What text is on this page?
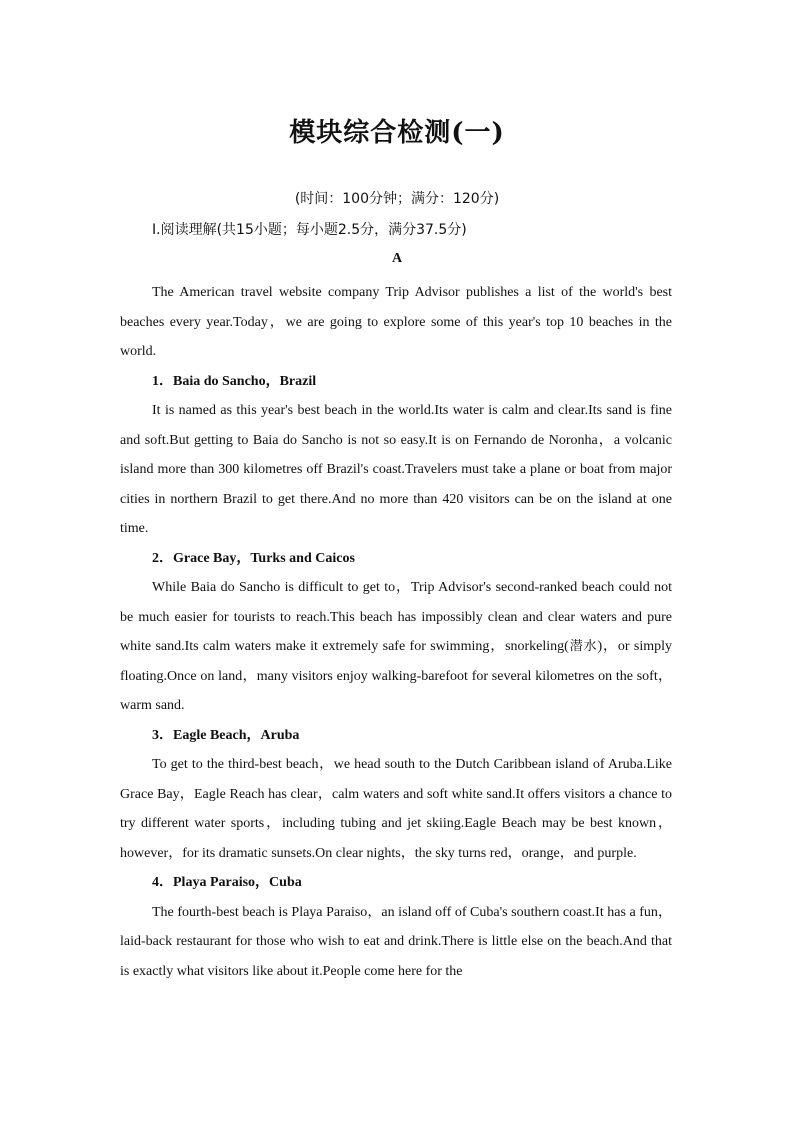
模块综合检测(一)
(时间：100分钟；满分：120分)
Ⅰ.阅读理解(共15小题；每小题2.5分，满分37.5分)
A

The American travel website company Trip Advisor publishes a list of the world's best beaches every year.Today，we are going to explore some of this year's top 10 beaches in the world.

1．Baia do Sancho，Brazil

It is named as this year's best beach in the world.Its water is calm and clear.Its sand is fine and soft.But getting to Baia do Sancho is not so easy.It is on Fernando de Noronha，a volcanic island more than 300 kilometres off Brazil's coast.Travelers must take a plane or boat from major cities in northern Brazil to get there.And no more than 420 visitors can be on the island at one time.

2．Grace Bay，Turks and Caicos

While Baia do Sancho is difficult to get to，Trip Advisor's second-ranked beach could not be much easier for tourists to reach.This beach has impossibly clean and clear waters and pure white sand.Its calm waters make it extremely safe for swimming，snorkeling(潜水)，or simply floating.Once on land，many visitors enjoy walking-barefoot for several kilometres on the soft，warm sand.

3．Eagle Beach，Aruba

To get to the third-best beach，we head south to the Dutch Caribbean island of Aruba.Like Grace Bay，Eagle Reach has clear，calm waters and soft white sand.It offers visitors a chance to try different water sports，including tubing and jet skiing.Eagle Beach may be best known，however，for its dramatic sunsets.On clear nights，the sky turns red，orange，and purple.

4．Playa Paraiso，Cuba

The fourth-best beach is Playa Paraiso，an island off of Cuba's southern coast.It has a fun，laid-back restaurant for those who wish to eat and drink.There is little else on the beach.And that is exactly what visitors like about it.People come here for the
